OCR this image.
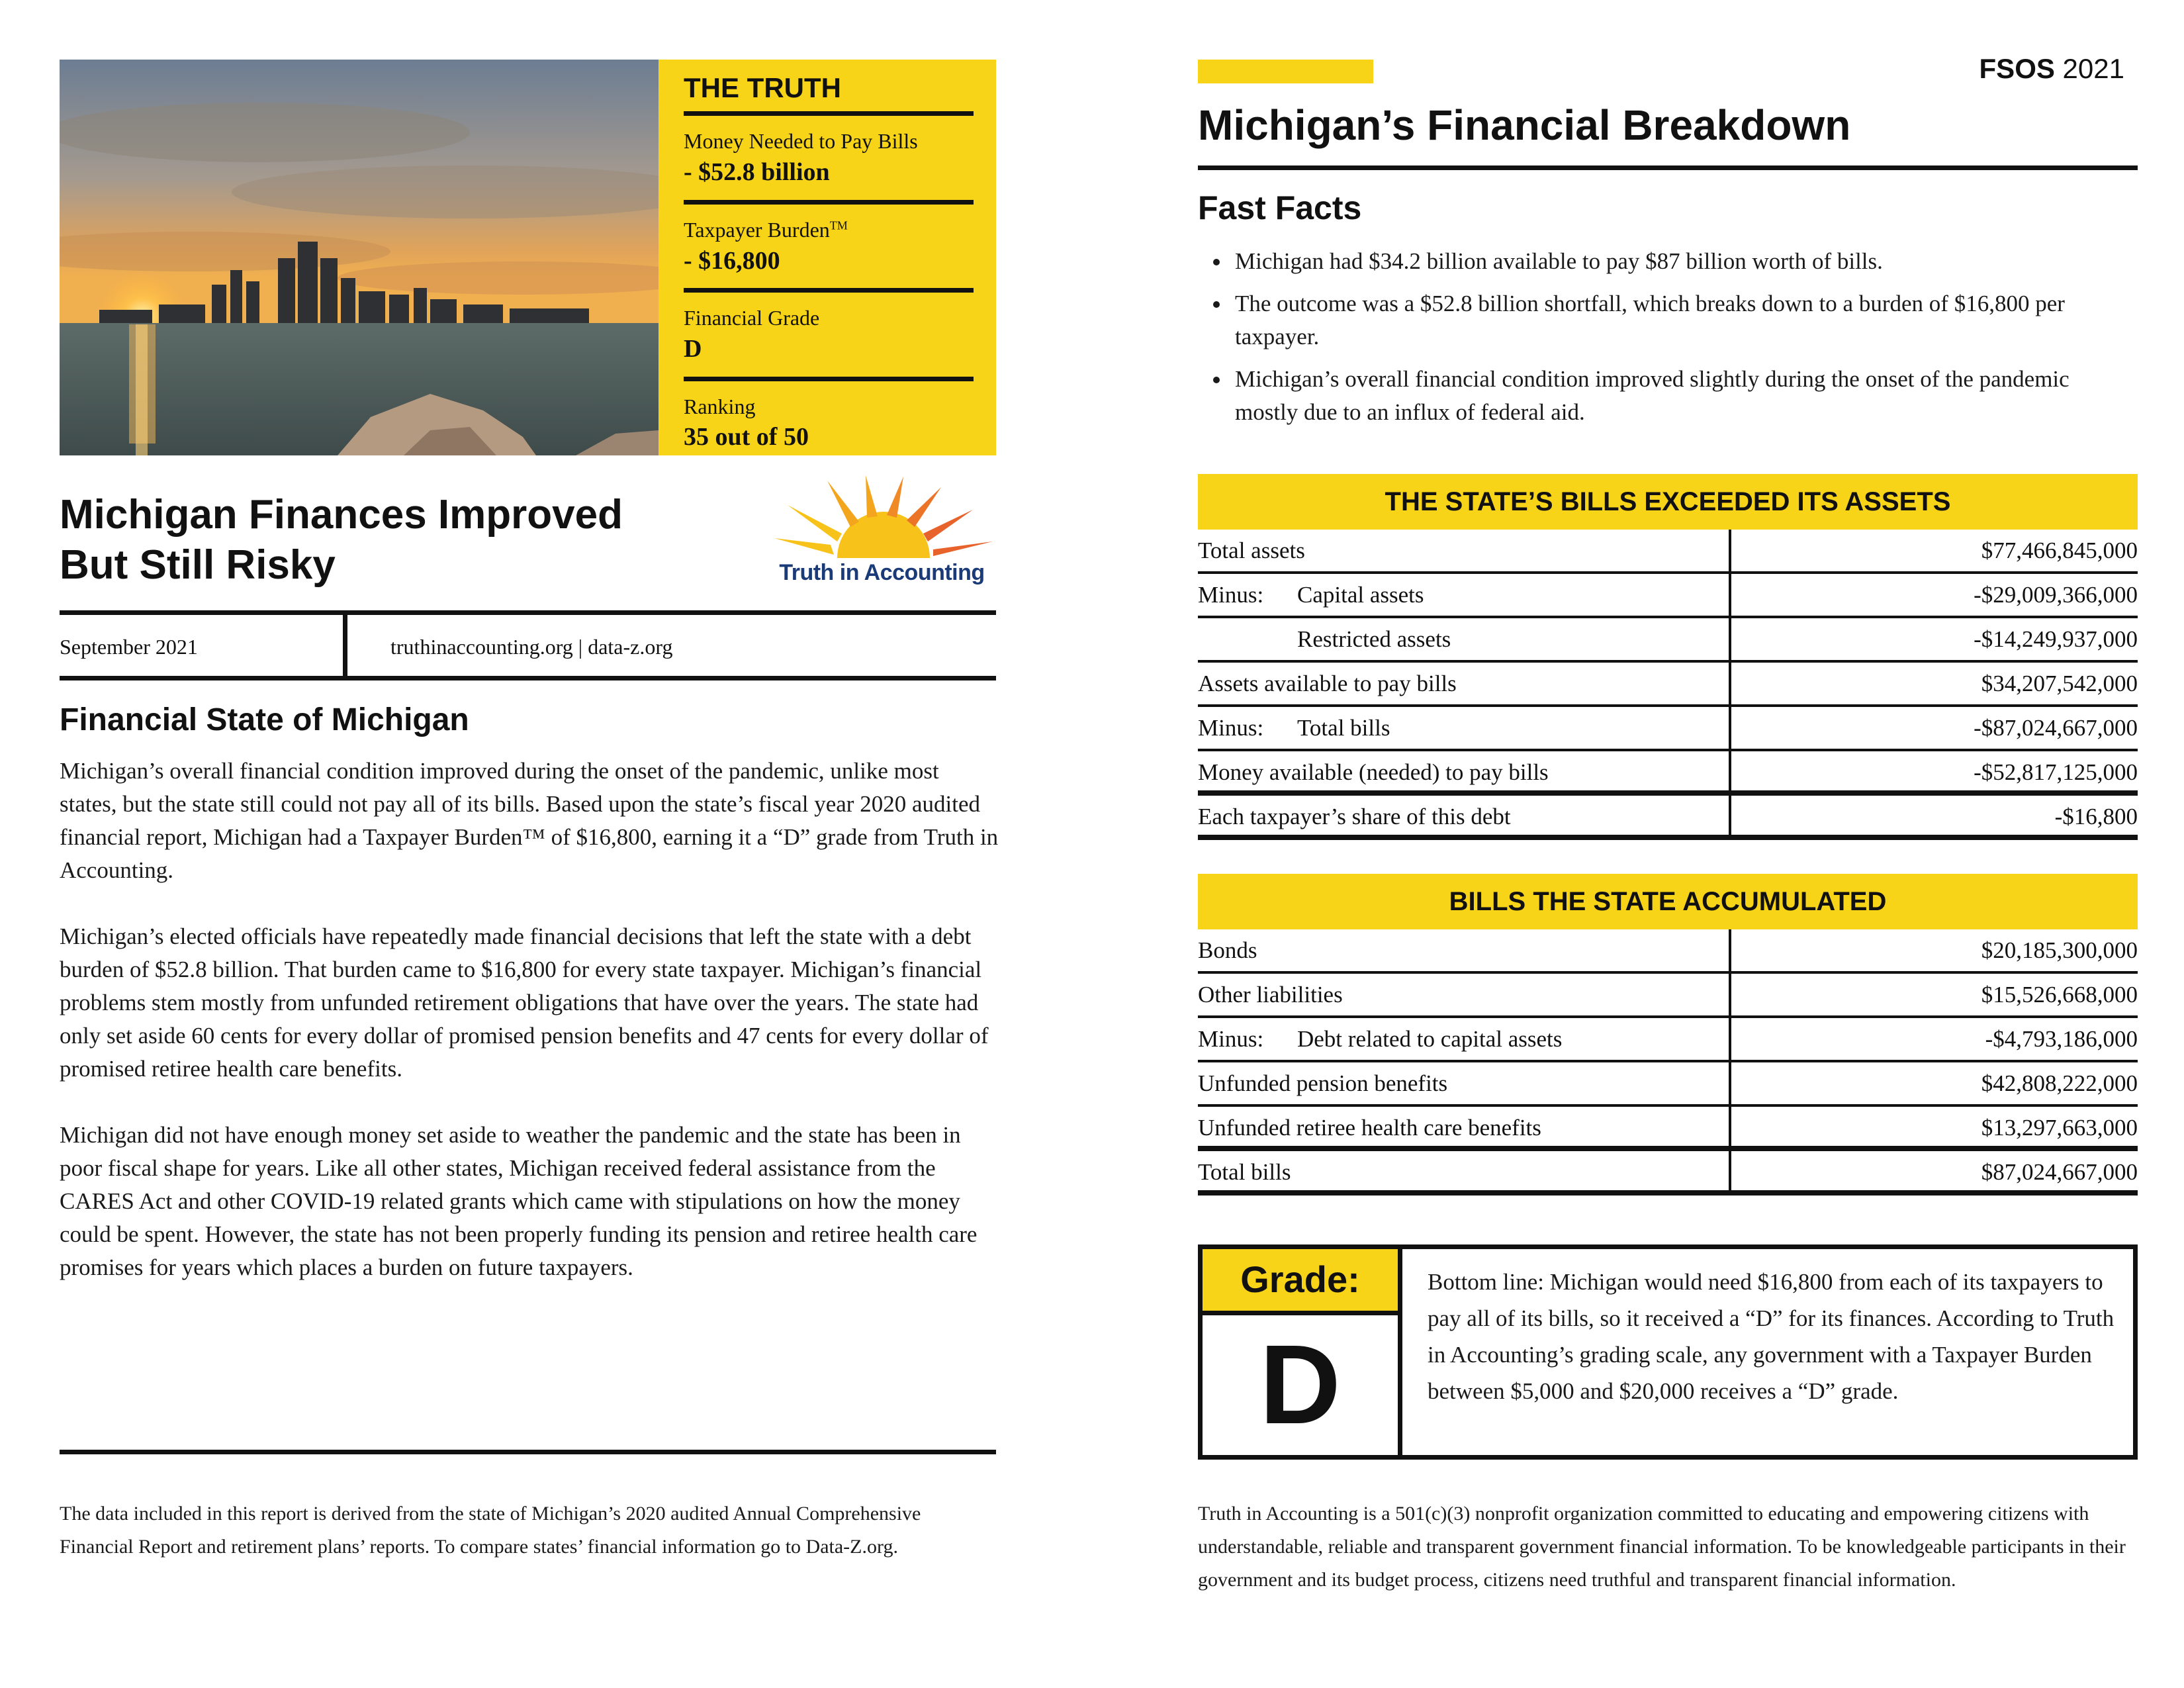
THE TRUTH
Money Needed to Pay Bills
- $52.8 billion
Taxpayer Burden™
- $16,800
Financial Grade
D
Ranking
35 out of 50
Michigan Finances Improved
But Still Risky	Truth in Accounting
September 2021	truthinaccounting.org | data-z.org
Financial State of Michigan

Michigan’s overall financial condition improved during the onset of the pandemic, unlike most states, but the state still could not pay all of its bills. Based upon the state’s fiscal year 2020 audited financial report, Michigan had a Taxpayer Burden™ of $16,800, earning it a “D” grade from Truth in Accounting.

Michigan’s elected officials have repeatedly made financial decisions that left the state with a debt burden of $52.8 billion. That burden came to $16,800 for every state taxpayer. Michigan’s financial problems stem mostly from unfunded retirement obligations that have over the years. The state had only set aside 60 cents for every dollar of promised pension benefits and 47 cents for every dollar of promised retiree health care benefits.

Michigan did not have enough money set aside to weather the pandemic and the state has been in poor fiscal shape for years. Like all other states, Michigan received federal assistance from the CARES Act and other COVID-19 related grants which came with stipulations on how the money could be spent. However, the state has not been properly funding its pension and retiree health care promises for years which places a burden on future taxpayers.

The data included in this report is derived from the state of Michigan’s 2020 audited Annual Comprehensive Financial Report and retirement plans’ reports. To compare states’ financial information go to Data-Z.org.
FSOS 2021
Michigan’s Financial Breakdown
Fast Facts
• Michigan had $34.2 billion available to pay $87 billion worth of bills.
• The outcome was a $52.8 billion shortfall, which breaks down to a burden of $16,800 per taxpayer.
• Michigan’s overall financial condition improved slightly during the onset of the pandemic mostly due to an influx of federal aid.
THE STATE’S BILLS EXCEEDED ITS ASSETS
Total assets	$77,466,845,000
Minus: Capital assets	-$29,009,366,000
Restricted assets	-$14,249,937,000
Assets available to pay bills	$34,207,542,000
Minus: Total bills	-$87,024,667,000
Money available (needed) to pay bills	-$52,817,125,000
Each taxpayer’s share of this debt	-$16,800
BILLS THE STATE ACCUMULATED
Bonds	$20,185,300,000
Other liabilities	$15,526,668,000
Minus: Debt related to capital assets	-$4,793,186,000
Unfunded pension benefits	$42,808,222,000
Unfunded retiree health care benefits	$13,297,663,000
Total bills	$87,024,667,000
Grade:
D
Bottom line: Michigan would need $16,800 from each of its taxpayers to pay all of its bills, so it received a “D” for its finances. According to Truth in Accounting’s grading scale, any government with a Taxpayer Burden between $5,000 and $20,000 receives a “D” grade.
Truth in Accounting is a 501(c)(3) nonprofit organization committed to educating and empowering citizens with understandable, reliable and transparent government financial information. To be knowledgeable participants in their government and its budget process, citizens need truthful and transparent financial information.
